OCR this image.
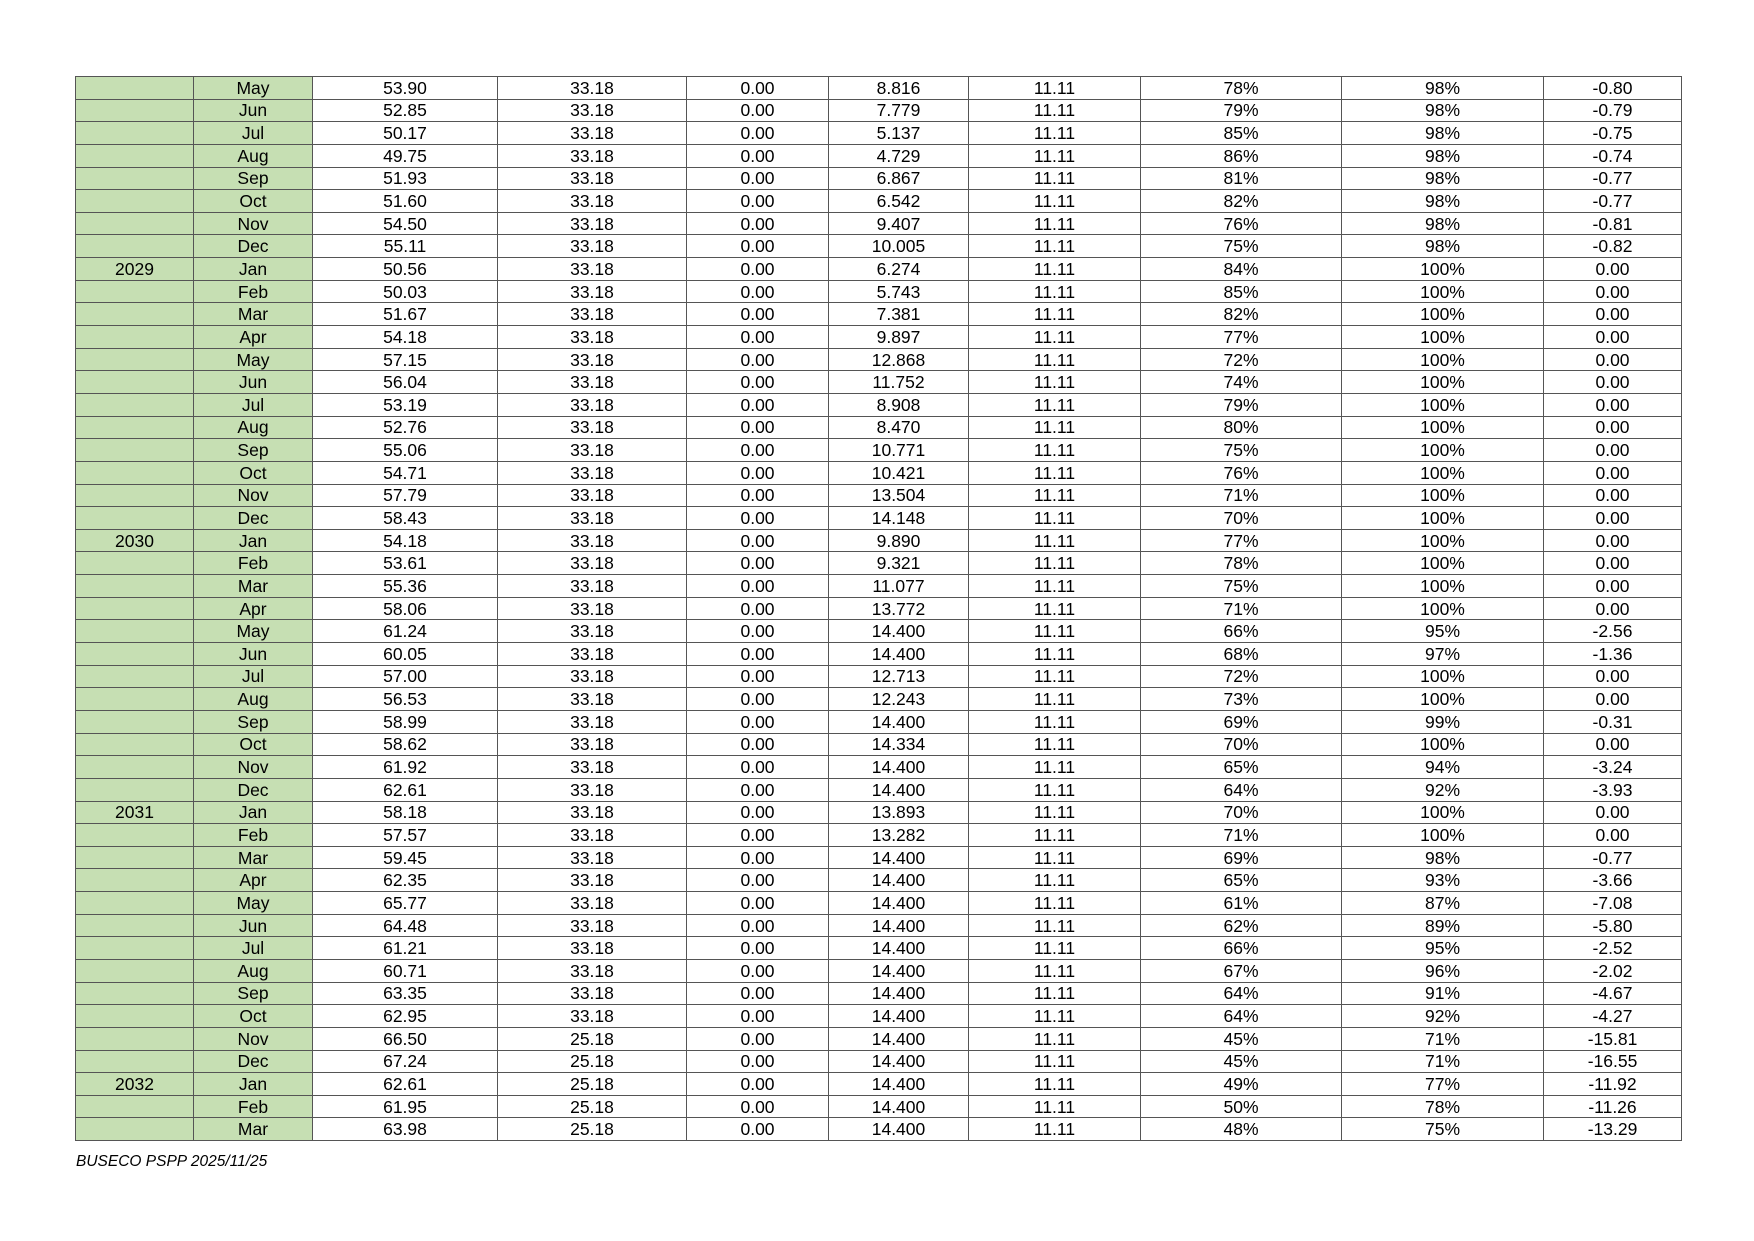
	May	53.90	33.18	0.00	8.816	11.11	78%	98%	-0.80
	Jun	52.85	33.18	0.00	7.779	11.11	79%	98%	-0.79
	Jul	50.17	33.18	0.00	5.137	11.11	85%	98%	-0.75
	Aug	49.75	33.18	0.00	4.729	11.11	86%	98%	-0.74
	Sep	51.93	33.18	0.00	6.867	11.11	81%	98%	-0.77
	Oct	51.60	33.18	0.00	6.542	11.11	82%	98%	-0.77
	Nov	54.50	33.18	0.00	9.407	11.11	76%	98%	-0.81
	Dec	55.11	33.18	0.00	10.005	11.11	75%	98%	-0.82
2029	Jan	50.56	33.18	0.00	6.274	11.11	84%	100%	0.00
	Feb	50.03	33.18	0.00	5.743	11.11	85%	100%	0.00
	Mar	51.67	33.18	0.00	7.381	11.11	82%	100%	0.00
	Apr	54.18	33.18	0.00	9.897	11.11	77%	100%	0.00
	May	57.15	33.18	0.00	12.868	11.11	72%	100%	0.00
	Jun	56.04	33.18	0.00	11.752	11.11	74%	100%	0.00
	Jul	53.19	33.18	0.00	8.908	11.11	79%	100%	0.00
	Aug	52.76	33.18	0.00	8.470	11.11	80%	100%	0.00
	Sep	55.06	33.18	0.00	10.771	11.11	75%	100%	0.00
	Oct	54.71	33.18	0.00	10.421	11.11	76%	100%	0.00
	Nov	57.79	33.18	0.00	13.504	11.11	71%	100%	0.00
	Dec	58.43	33.18	0.00	14.148	11.11	70%	100%	0.00
2030	Jan	54.18	33.18	0.00	9.890	11.11	77%	100%	0.00
	Feb	53.61	33.18	0.00	9.321	11.11	78%	100%	0.00
	Mar	55.36	33.18	0.00	11.077	11.11	75%	100%	0.00
	Apr	58.06	33.18	0.00	13.772	11.11	71%	100%	0.00
	May	61.24	33.18	0.00	14.400	11.11	66%	95%	-2.56
	Jun	60.05	33.18	0.00	14.400	11.11	68%	97%	-1.36
	Jul	57.00	33.18	0.00	12.713	11.11	72%	100%	0.00
	Aug	56.53	33.18	0.00	12.243	11.11	73%	100%	0.00
	Sep	58.99	33.18	0.00	14.400	11.11	69%	99%	-0.31
	Oct	58.62	33.18	0.00	14.334	11.11	70%	100%	0.00
	Nov	61.92	33.18	0.00	14.400	11.11	65%	94%	-3.24
	Dec	62.61	33.18	0.00	14.400	11.11	64%	92%	-3.93
2031	Jan	58.18	33.18	0.00	13.893	11.11	70%	100%	0.00
	Feb	57.57	33.18	0.00	13.282	11.11	71%	100%	0.00
	Mar	59.45	33.18	0.00	14.400	11.11	69%	98%	-0.77
	Apr	62.35	33.18	0.00	14.400	11.11	65%	93%	-3.66
	May	65.77	33.18	0.00	14.400	11.11	61%	87%	-7.08
	Jun	64.48	33.18	0.00	14.400	11.11	62%	89%	-5.80
	Jul	61.21	33.18	0.00	14.400	11.11	66%	95%	-2.52
	Aug	60.71	33.18	0.00	14.400	11.11	67%	96%	-2.02
	Sep	63.35	33.18	0.00	14.400	11.11	64%	91%	-4.67
	Oct	62.95	33.18	0.00	14.400	11.11	64%	92%	-4.27
	Nov	66.50	25.18	0.00	14.400	11.11	45%	71%	-15.81
	Dec	67.24	25.18	0.00	14.400	11.11	45%	71%	-16.55
2032	Jan	62.61	25.18	0.00	14.400	11.11	49%	77%	-11.92
	Feb	61.95	25.18	0.00	14.400	11.11	50%	78%	-11.26
	Mar	63.98	25.18	0.00	14.400	11.11	48%	75%	-13.29
BUSECO PSPP 2025/11/25
